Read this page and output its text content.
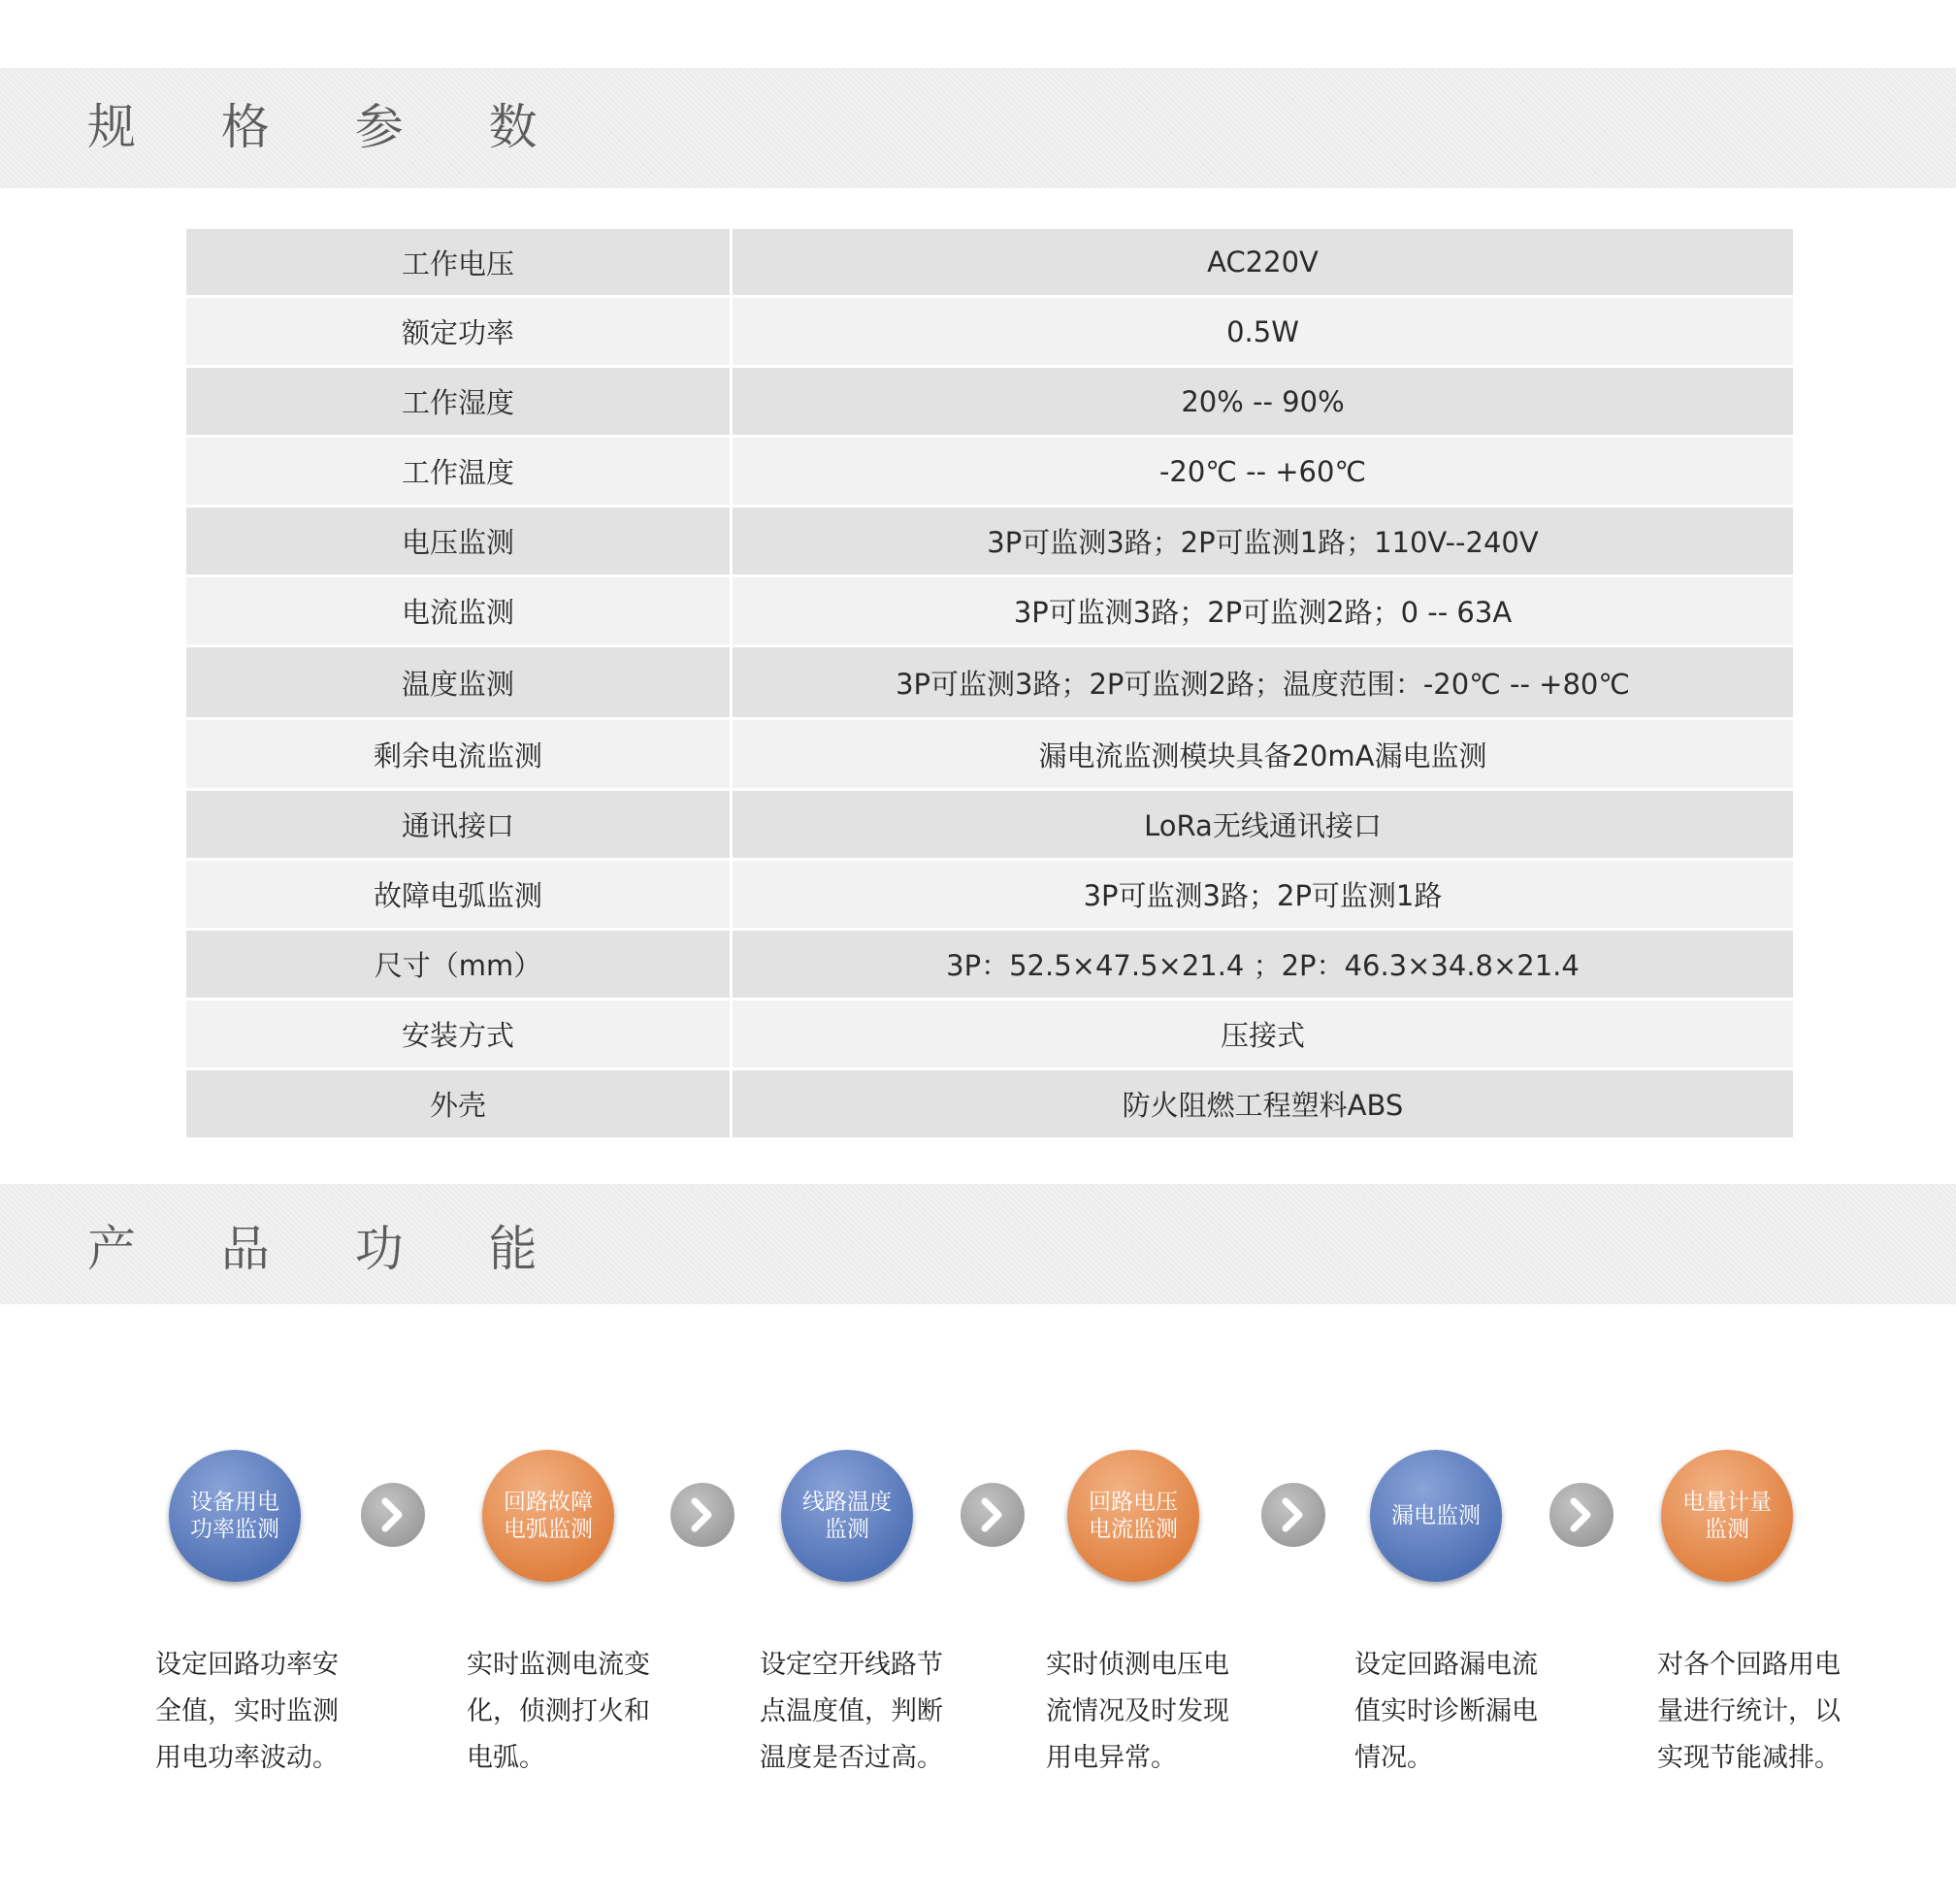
规 格 参 数
工作电压	AC220V
额定功率	0.5W
工作湿度	20% -- 90%
工作温度	-20℃ -- +60℃
电压监测	3P可监测3路；2P可监测1路；110V--240V
电流监测	3P可监测3路；2P可监测2路；0 -- 63A
温度监测	3P可监测3路；2P可监测2路；温度范围：-20℃ -- +80℃
剩余电流监测	漏电流监测模块具备20mA漏电监测
通讯接口	LoRa无线通讯接口
故障电弧监测	3P可监测3路；2P可监测1路
尺寸（mm）	3P：52.5×47.5×21.4 ；2P：46.3×34.8×21.4
安装方式	压接式
外壳	防火阻燃工程塑料ABS
产 品 功 能
设备用电
功率监测
回路故障
电弧监测
线路温度
监测
回路电压
电流监测
漏电监测
电量计量
监测
设定回路功率安全值，实时监测用电功率波动。
实时监测电流变化，侦测打火和电弧。
设定空开线路节点温度值，判断温度是否过高。
实时侦测电压电流情况及时发现用电异常。
设定回路漏电流值实时诊断漏电情况。
对各个回路用电量进行统计，以实现节能减排。
